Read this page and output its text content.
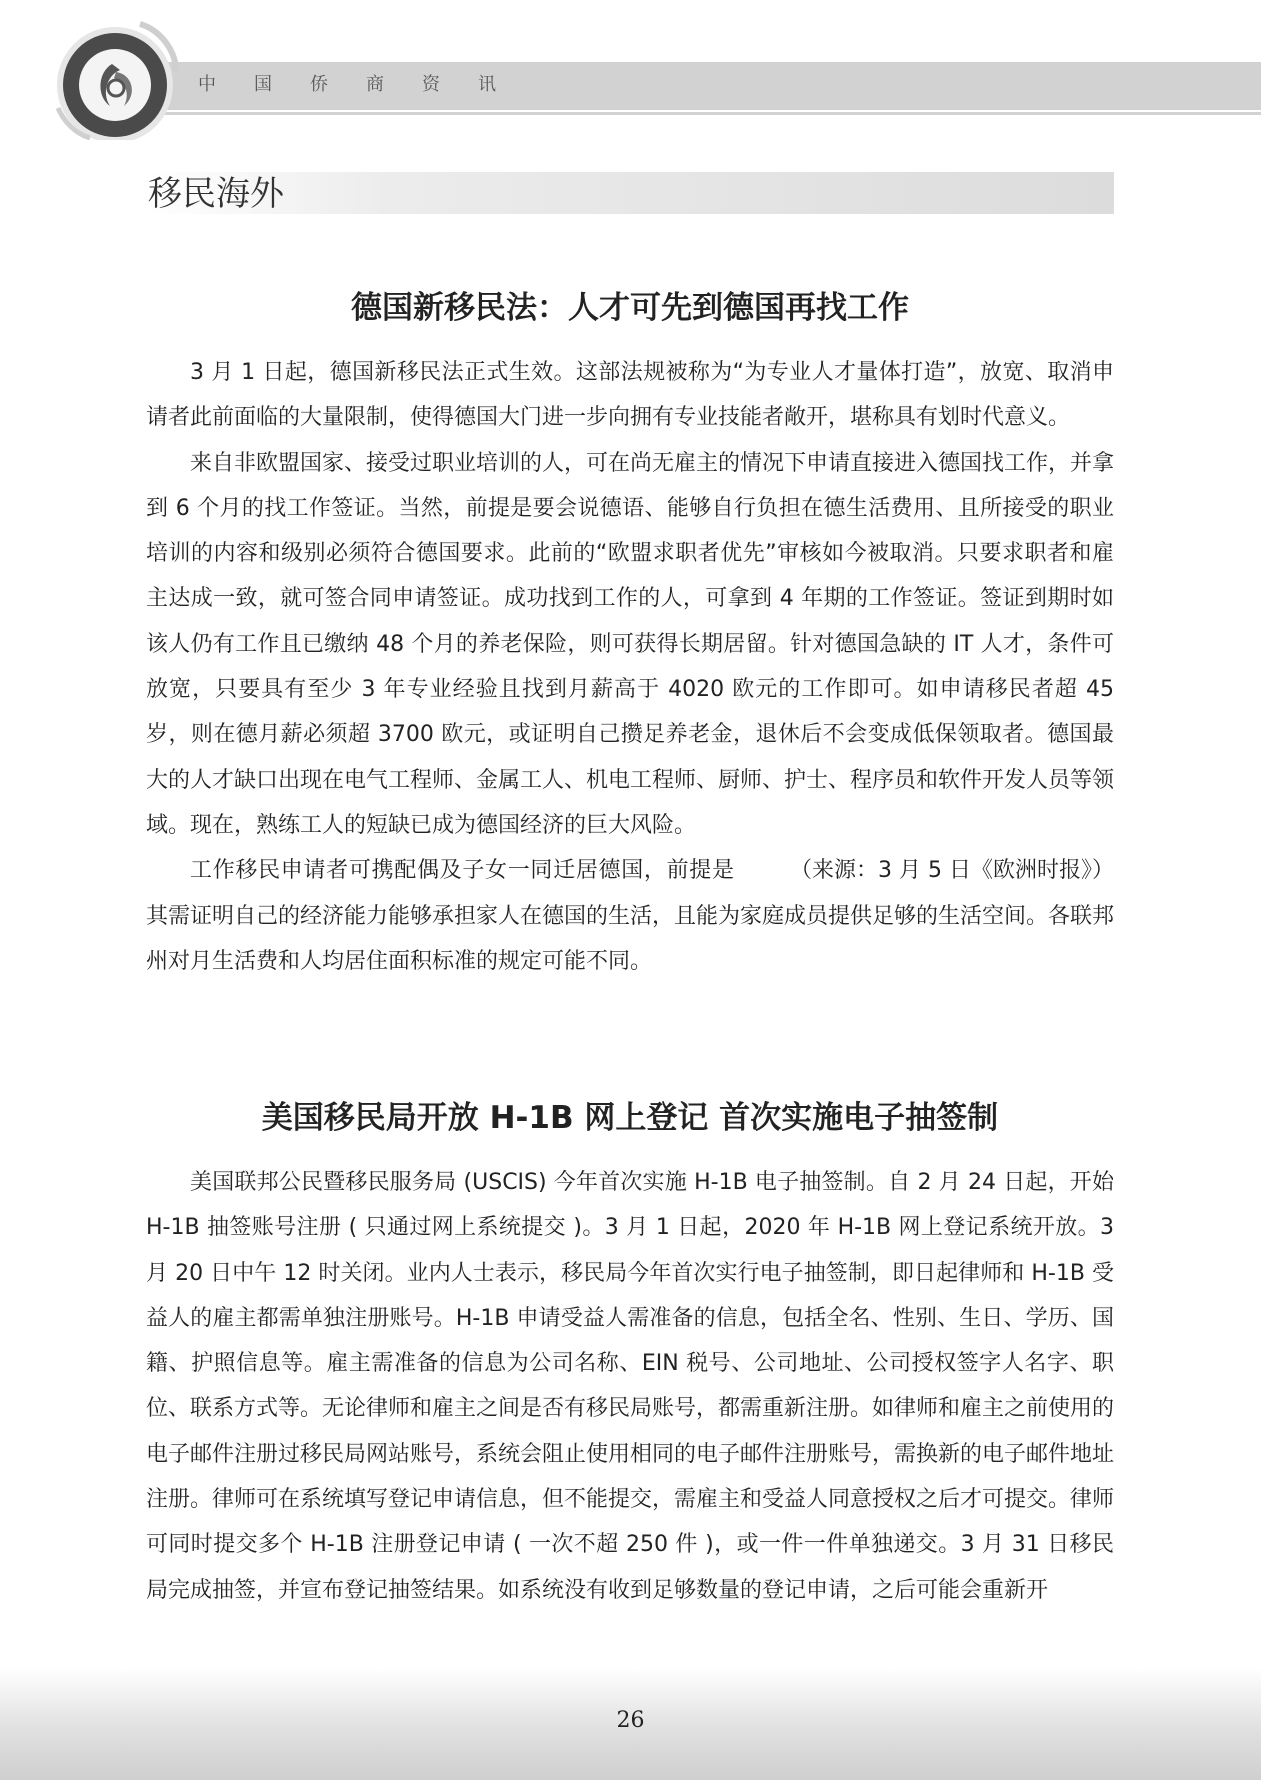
中国侨商资讯
移民海外
德国新移民法：人才可先到德国再找工作

3 月 1 日起，德国新移民法正式生效。这部法规被称为“为专业人才量体打造”，放宽、取消申请者此前面临的大量限制，使得德国大门进一步向拥有专业技能者敞开，堪称具有划时代意义。

来自非欧盟国家、接受过职业培训的人，可在尚无雇主的情况下申请直接进入德国找工作，并拿到 6 个月的找工作签证。当然，前提是要会说德语、能够自行负担在德生活费用、且所接受的职业培训的内容和级别必须符合德国要求。此前的“欧盟求职者优先”审核如今被取消。只要求职者和雇主达成一致，就可签合同申请签证。成功找到工作的人，可拿到 4 年期的工作签证。签证到期时如该人仍有工作且已缴纳 48 个月的养老保险，则可获得长期居留。针对德国急缺的 IT 人才，条件可放宽，只要具有至少 3 年专业经验且找到月薪高于 4020 欧元的工作即可。如申请移民者超 45 岁，则在德月薪必须超 3700 欧元，或证明自己攒足养老金，退休后不会变成低保领取者。德国最大的人才缺口出现在电气工程师、金属工人、机电工程师、厨师、护士、程序员和软件开发人员等领域。现在，熟练工人的短缺已成为德国经济的巨大风险。

（来源：3 月 5 日《欧洲时报》）
工作移民申请者可携配偶及子女一同迁居德国，前提是其需证明自己的经济能力能够承担家人在德国的生活，且能为家庭成员提供足够的生活空间。各联邦州对月生活费和人均居住面积标准的规定可能不同。

美国移民局开放 H-1B 网上登记 首次实施电子抽签制

美国联邦公民暨移民服务局 (USCIS) 今年首次实施 H-1B 电子抽签制。自 2 月 24 日起，开始 H-1B 抽签账号注册 ( 只通过网上系统提交 )。3 月 1 日起，2020 年 H-1B 网上登记系统开放。3 月 20 日中午 12 时关闭。业内人士表示，移民局今年首次实行电子抽签制，即日起律师和 H-1B 受益人的雇主都需单独注册账号。H-1B 申请受益人需准备的信息，包括全名、性别、生日、学历、国籍、护照信息等。雇主需准备的信息为公司名称、EIN 税号、公司地址、公司授权签字人名字、职位、联系方式等。无论律师和雇主之间是否有移民局账号，都需重新注册。如律师和雇主之前使用的电子邮件注册过移民局网站账号，系统会阻止使用相同的电子邮件注册账号，需换新的电子邮件地址注册。律师可在系统填写登记申请信息，但不能提交，需雇主和受益人同意授权之后才可提交。律师可同时提交多个 H-1B 注册登记申请 ( 一次不超 250 件 )，或一件一件单独递交。3 月 31 日移民局完成抽签，并宣布登记抽签结果。如系统没有收到足够数量的登记申请，之后可能会重新开

26
